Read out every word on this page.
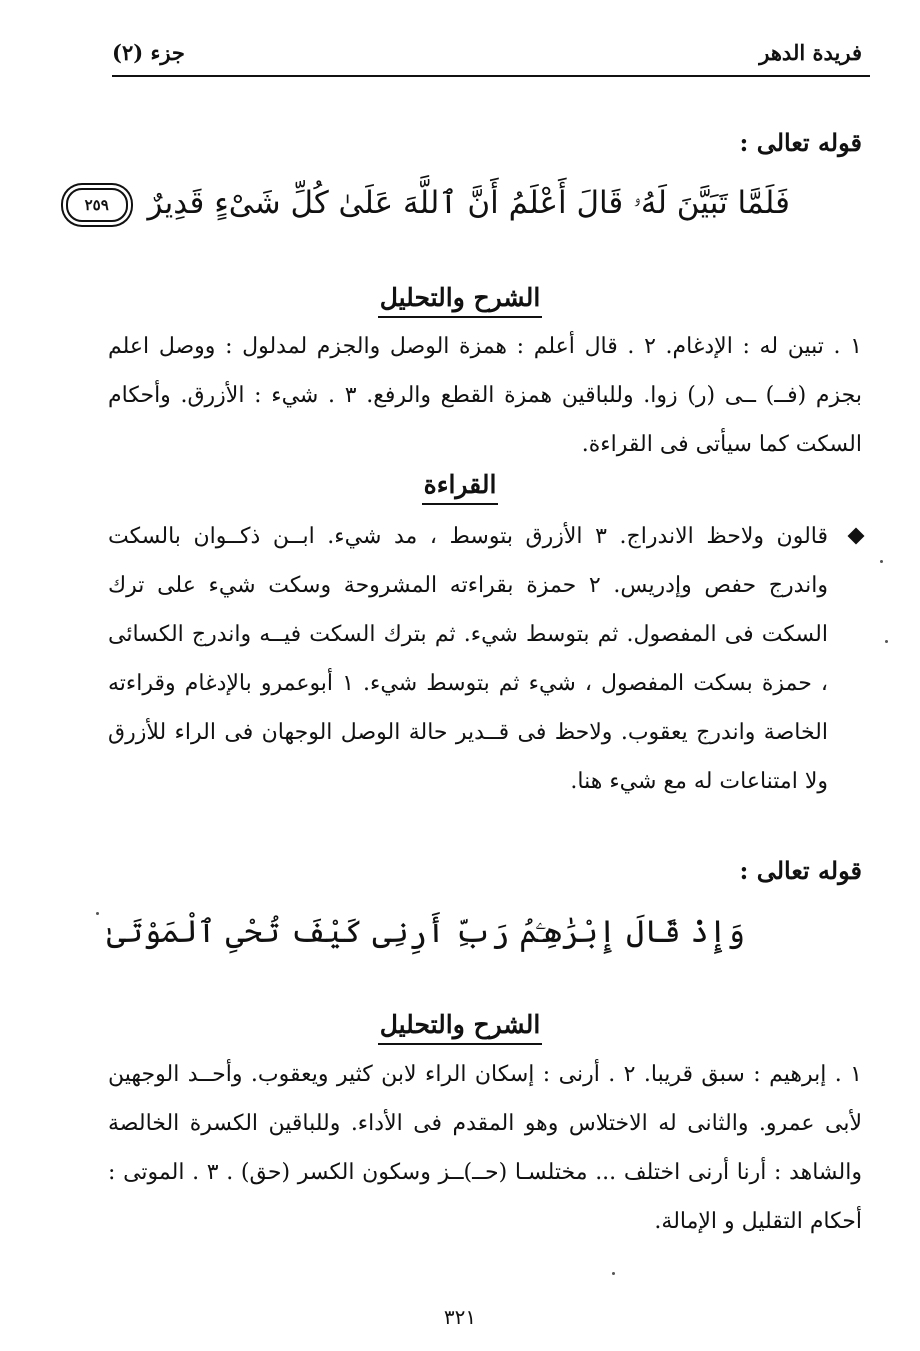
فريدة الدهر
جزء (٢)
قوله تعالى :
فَلَمَّا تَبَيَّنَ لَهُۥ قَالَ أَعْلَمُ أَنَّ ٱللَّهَ عَلَىٰ كُلِّ شَىْءٍ قَدِيرٌ ٢٥٩
الشرح والتحليل
١ . تبين له : الإدغام. ٢ . قال أعلم : همزة الوصل والجزم لمدلول : ووصل اعلم بجزم (فــ) ــى (ر) زوا. وللباقين همزة القطع والرفع. ٣ . شيء : الأزرق. وأحكام السكت كما سيأتى فى القراءة.
القراءة
قالون ولاحظ الاندراج. ٣ الأزرق بتوسط ، مد شيء. ابــن ذكــوان بالسكت واندرج حفص وإدريس. ٢ حمزة بقراءته المشروحة وسكت شيء على ترك السكت فى المفصول. ثم بتوسط شيء. ثم بترك السكت فيــه واندرج الكسائى ، حمزة بسكت المفصول ، شيء ثم بتوسط شيء. ١ أبوعمرو بالإدغام وقراءته الخاصة واندرج يعقوب. ولاحظ فى قــدير حالة الوصل الوجهان فى الراء للأزرق ولا امتناعات له مع شيء هنا.
قوله تعالى :
وَإِذْ قَالَ إِبْرَٰهِـۧمُ رَبِّ أَرِنِى كَيْفَ تُحْىِ ٱلْمَوْتَىٰ
الشرح والتحليل
١ . إبرهيم : سبق قريبا. ٢ . أرنى : إسكان الراء لابن كثير ويعقوب. وأحــد الوجهين لأبى عمرو. والثانى له الاختلاس وهو المقدم فى الأداء. وللباقين الكسرة الخالصة والشاهد : أرنا أرنى اختلف ... مختلسـا (حــ)ــز وسكون الكسر (حق) . ٣ . الموتى : أحكام التقليل و الإمالة.
٣٢١
